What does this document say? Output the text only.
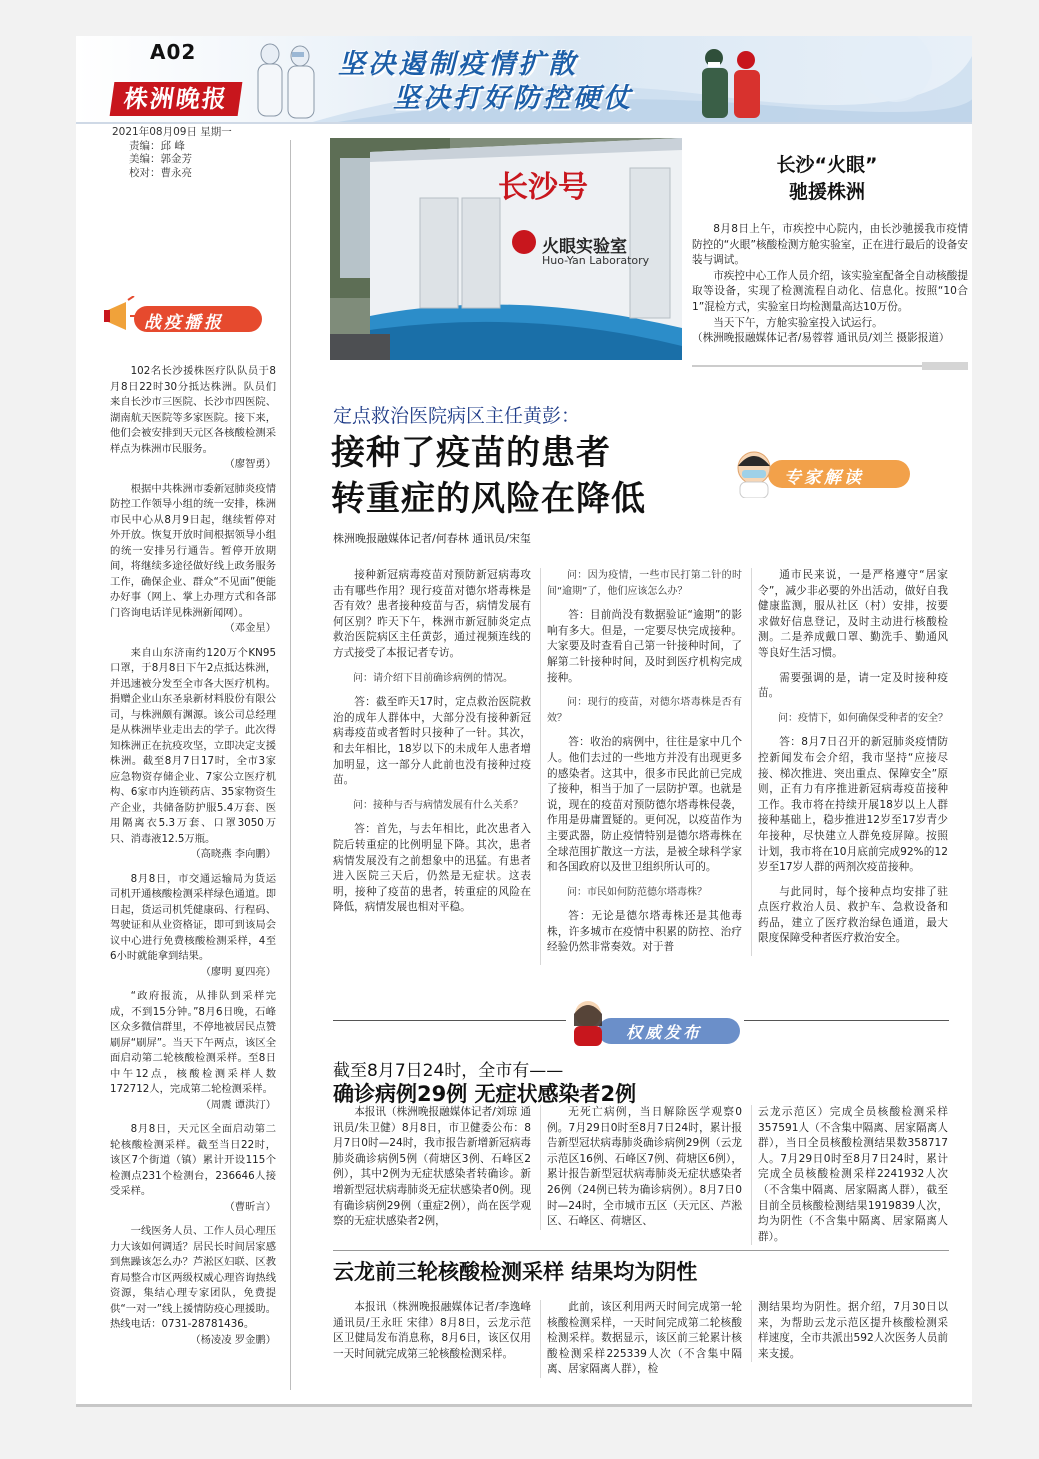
A02
株洲晚报
坚决遏制疫情扩散
坚决打好防控硬仗
2021年08月09日 星期一
责编：邱 峰
美编：郭金芳
校对：曹永亮	长沙号
火眼实验室
Huo-Yan Laboratory
长沙“火眼”
驰援株洲

8月8日上午，市疾控中心院内，由长沙驰援我市疫情防控的“火眼”核酸检测方舱实验室，正在进行最后的设备安装与调试。

市疾控中心工作人员介绍，该实验室配备全自动核酸提取等设备，实现了检测流程自动化、信息化。按照“10合1”混检方式，实验室日均检测量高达10万份。

当天下午，方舱实验室投入试运行。

（株洲晚报融媒体记者/易蓉蓉 通讯员/刘兰 摄影报道）

战疫播报

102名长沙援株医疗队队员于8月8日22时30分抵达株洲。队员们来自长沙市三医院、长沙市四医院、湖南航天医院等多家医院。接下来，他们会被安排到天元区各核酸检测采样点为株洲市民服务。
（廖智勇）

根据中共株洲市委新冠肺炎疫情防控工作领导小组的统一安排，株洲市民中心从8月9日起，继续暂停对外开放。恢复开放时间根据领导小组的统一安排另行通告。暂停开放期间，将继续多途径做好线上政务服务工作，确保企业、群众“不见面”便能办好事（网上、掌上办理方式和各部门咨询电话详见株洲新闻网）。
（邓金星）

来自山东济南约120万个KN95口罩，于8月8日下午2点抵达株洲，并迅速被分发至全市各大医疗机构。捐赠企业山东圣泉新材料股份有限公司，与株洲颇有渊源。该公司总经理是从株洲毕业走出去的学子。此次得知株洲正在抗疫攻坚，立即决定支援株洲。截至8月7日17时，全市3家应急物资存储企业、7家公立医疗机构、6家市内连锁药店、35家物资生产企业，共储备防护服5.4万套、医用隔离衣5.3万套、口罩3050万只、消毒液12.5万瓶。
（高晓燕 李向鹏）

8月8日，市交通运输局为货运司机开通核酸检测采样绿色通道。即日起，货运司机凭健康码、行程码、驾驶证和从业资格证，即可到该局会议中心进行免费核酸检测采样，4至6小时就能拿到结果。
（廖明 夏四亮）

“政府报流，从排队到采样完成，不到15分钟。”8月6日晚，石峰区众多微信群里，不停地被居民点赞刷屏“刷屏”。当天下午两点，该区全面启动第二轮核酸检测采样。至8日中午12点，核酸检测采样人数172712人，完成第二轮检测采样。
（周震 谭洪汀）

8月8日，天元区全面启动第二轮核酸检测采样。截至当日22时，该区7个街道（镇）累计开设115个检测点231个检测台，236646人接受采样。
（曹昕言）

一线医务人员、工作人员心理压力大该如何调适？居民长时间居家感到焦躁该怎么办？芦淞区妇联、区教育局整合市区两级权威心理咨询热线资源，集结心理专家团队，免费提供“一对一”线上援情防疫心理援助。热线电话：0731-28781436。
（杨凌凌 罗金鹏）

定点救治医院病区主任黄彭：
接种了疫苗的患者
转重症的风险在降低
专家解读
株洲晚报融媒体记者/何春林 通讯员/宋玺

接种新冠病毒疫苗对预防新冠病毒攻击有哪些作用？现行疫苗对德尔塔毒株是否有效？患者接种疫苗与否，病情发展有何区别？昨天下午，株洲市新冠肺炎定点救治医院病区主任黄彭，通过视频连线的方式接受了本报记者专访。

问：请介绍下目前确诊病例的情况。

答：截至昨天17时，定点救治医院救治的成年人群体中，大部分没有接种新冠病毒疫苗或者暂时只接种了一针。其次，和去年相比，18岁以下的未成年人患者增加明显，这一部分人此前也没有接种过疫苗。

问：接种与否与病情发展有什么关系？

答：首先，与去年相比，此次患者入院后转重症的比例明显下降。其次，患者病情发展没有之前想象中的迅猛。有患者进入医院三天后，仍然是无症状。这表明，接种了疫苗的患者，转重症的风险在降低，病情发展也相对平稳。

问：因为疫情，一些市民打第二针的时间“逾期”了，他们应该怎么办？

答：目前尚没有数据验证“逾期”的影响有多大。但是，一定要尽快完成接种。大家要及时查看自己第一针接种时间，了解第二针接种时间，及时到医疗机构完成接种。

问：现行的疫苗，对德尔塔毒株是否有效？

答：收治的病例中，往往是家中几个人。他们去过的一些地方并没有出现更多的感染者。这其中，很多市民此前已完成了接种，相当于加了一层防护罩。也就是说，现在的疫苗对预防德尔塔毒株侵袭，作用是毋庸置疑的。更何况，以疫苗作为主要武器，防止疫情特别是德尔塔毒株在全球范围扩散这一方法，是被全球科学家和各国政府以及世卫组织所认可的。

问：市民如何防范德尔塔毒株？

答：无论是德尔塔毒株还是其他毒株，许多城市在疫情中积累的防控、治疗经验仍然非常奏效。对于普

通市民来说，一是严格遵守“居家令”，减少非必要的外出活动，做好自我健康监测，服从社区（村）安排，按要求做好信息登记，及时主动进行核酸检测。二是养成戴口罩、勤洗手、勤通风等良好生活习惯。

需要强调的是，请一定及时接种疫苗。

问：疫情下，如何确保受种者的安全？

答：8月7日召开的新冠肺炎疫情防控新闻发布会介绍，我市坚持“应接尽接、梯次推进、突出重点、保障安全”原则，正有力有序推进新冠病毒疫苗接种工作。我市将在持续开展18岁以上人群接种基础上，稳步推进12岁至17岁青少年接种，尽快建立人群免疫屏障。按照计划，我市将在10月底前完成92%的12岁至17岁人群的两剂次疫苗接种。

与此同时，每个接种点均安排了驻点医疗救治人员、救护车、急救设备和药品，建立了医疗救治绿色通道，最大限度保障受种者医疗救治安全。

权威发布
截至8月7日24时，全市有——
确诊病例29例 无症状感染者2例

本报讯（株洲晚报融媒体记者/刘琼 通讯员/朱卫健）8月8日，市卫健委公布：8月7日0时—24时，我市报告新增新冠病毒肺炎确诊病例5例（荷塘区3例、石峰区2例），其中2例为无症状感染者转确诊。新增新型冠状病毒肺炎无症状感染者0例。现有确诊病例29例（重症2例），尚在医学观察的无症状感染者2例，

无死亡病例，当日解除医学观察0例。7月29日0时至8月7日24时，累计报告新型冠状病毒肺炎确诊病例29例（云龙示范区16例、石峰区7例、荷塘区6例），累计报告新型冠状病毒肺炎无症状感染者26例（24例已转为确诊病例）。8月7日0时—24时，全市城市五区（天元区、芦淞区、石峰区、荷塘区、

云龙示范区）完成全员核酸检测采样357591人（不含集中隔离、居家隔离人群），当日全员核酸检测结果数358717人。7月29日0时至8月7日24时，累计完成全员核酸检测采样2241932人次（不含集中隔离、居家隔离人群），截至目前全员核酸检测结果1919839人次，均为阴性（不含集中隔离、居家隔离人群）。

云龙前三轮核酸检测采样 结果均为阴性

本报讯（株洲晚报融媒体记者/李逸峰 通讯员/王永旺 宋律）8月8日，云龙示范区卫健局发布消息称，8月6日，该区仅用一天时间就完成第三轮核酸检测采样。

此前，该区利用两天时间完成第一轮核酸检测采样，一天时间完成第二轮核酸检测采样。数据显示，该区前三轮累计核酸检测采样225339人次（不含集中隔离、居家隔离人群），检

测结果均为阴性。据介绍，7月30日以来，为帮助云龙示范区提升核酸检测采样速度，全市共派出592人次医务人员前来支援。
